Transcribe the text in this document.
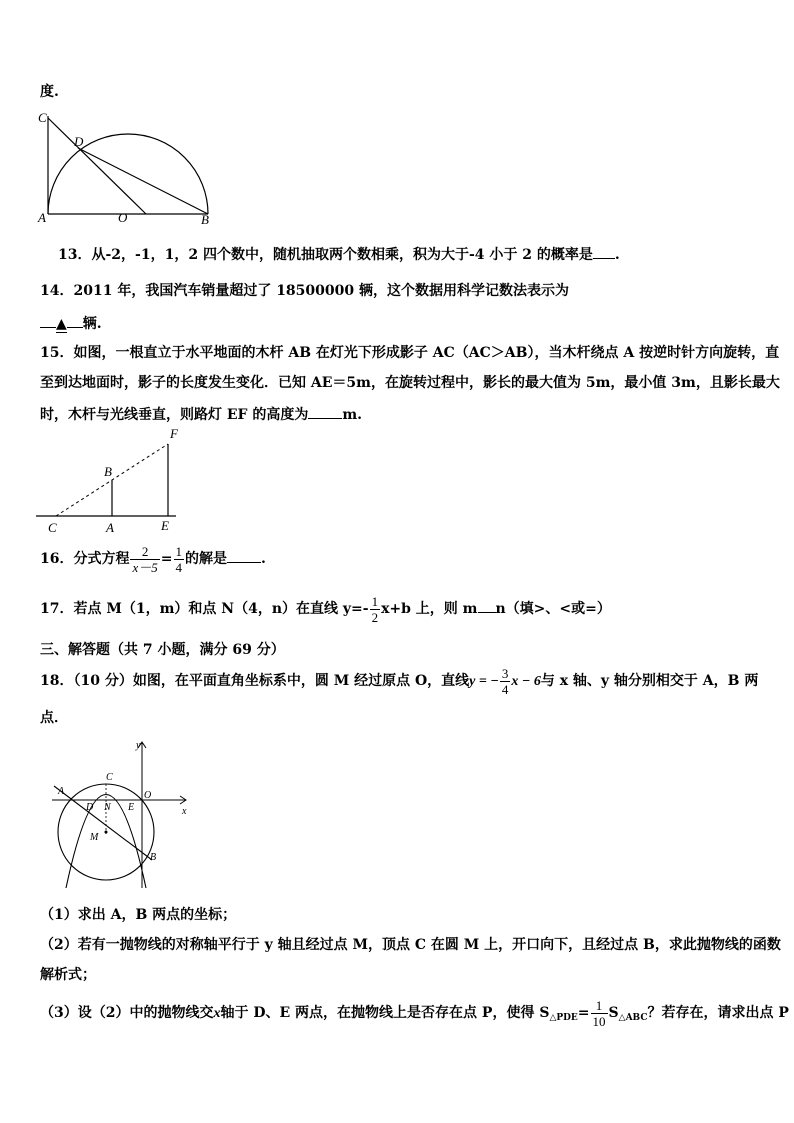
度.
C
D
A	O	B
13．从-2，-1，1，2 四个数中，随机抽取两个数相乘，积为大于-4 小于 2 的概率是 .
14．2011 年，我国汽车销量超过了 18500000 辆，这个数据用科学记数法表示为
▲ 辆.
15．如图，一根直立于水平地面的木杆 AB 在灯光下形成影子 AC（AC＞AB），当木杆绕点 A 按逆时针方向旋转，直
至到达地面时，影子的长度发生变化．已知 AE＝5m，在旋转过程中，影长的最大值为 5m，最小值 3m，且影长最大
时，木杆与光线垂直，则路灯 EF 的高度为 m.
F
B
C	A	E
16．分式方程 $\frac{2}{x-5} = \frac{1}{4}$ 的解是 .
17．若点 M（1，m）和点 N（4，n）在直线 $y=- \frac{1}{2} x+b$ 上，则 m n（填>、<或=）
三、解答题（共 7 小题，满分 69 分）
18．（10 分）如图，在平面直角坐标系中，圆 M 经过原点 O，直线y = − $\frac{3}{4}$ x − 6与 x 轴、y 轴分别相交于 A，B 两
点．
y
x
A
C
D N E
O
M
B
（1）求出 A，B 两点的坐标；
（2）若有一抛物线的对称轴平行于 y 轴且经过点 M，顶点 C 在圆 M 上，开口向下，且经过点 B，求此抛物线的函数
解析式；
（3）设（2）中的抛物线交x轴于 D、E 两点，在抛物线上是否存在点 P，使得 $S_{\triangle PDE}= \frac{1}{10} S_{\triangle ABC}$？若存在，请求出点 P
